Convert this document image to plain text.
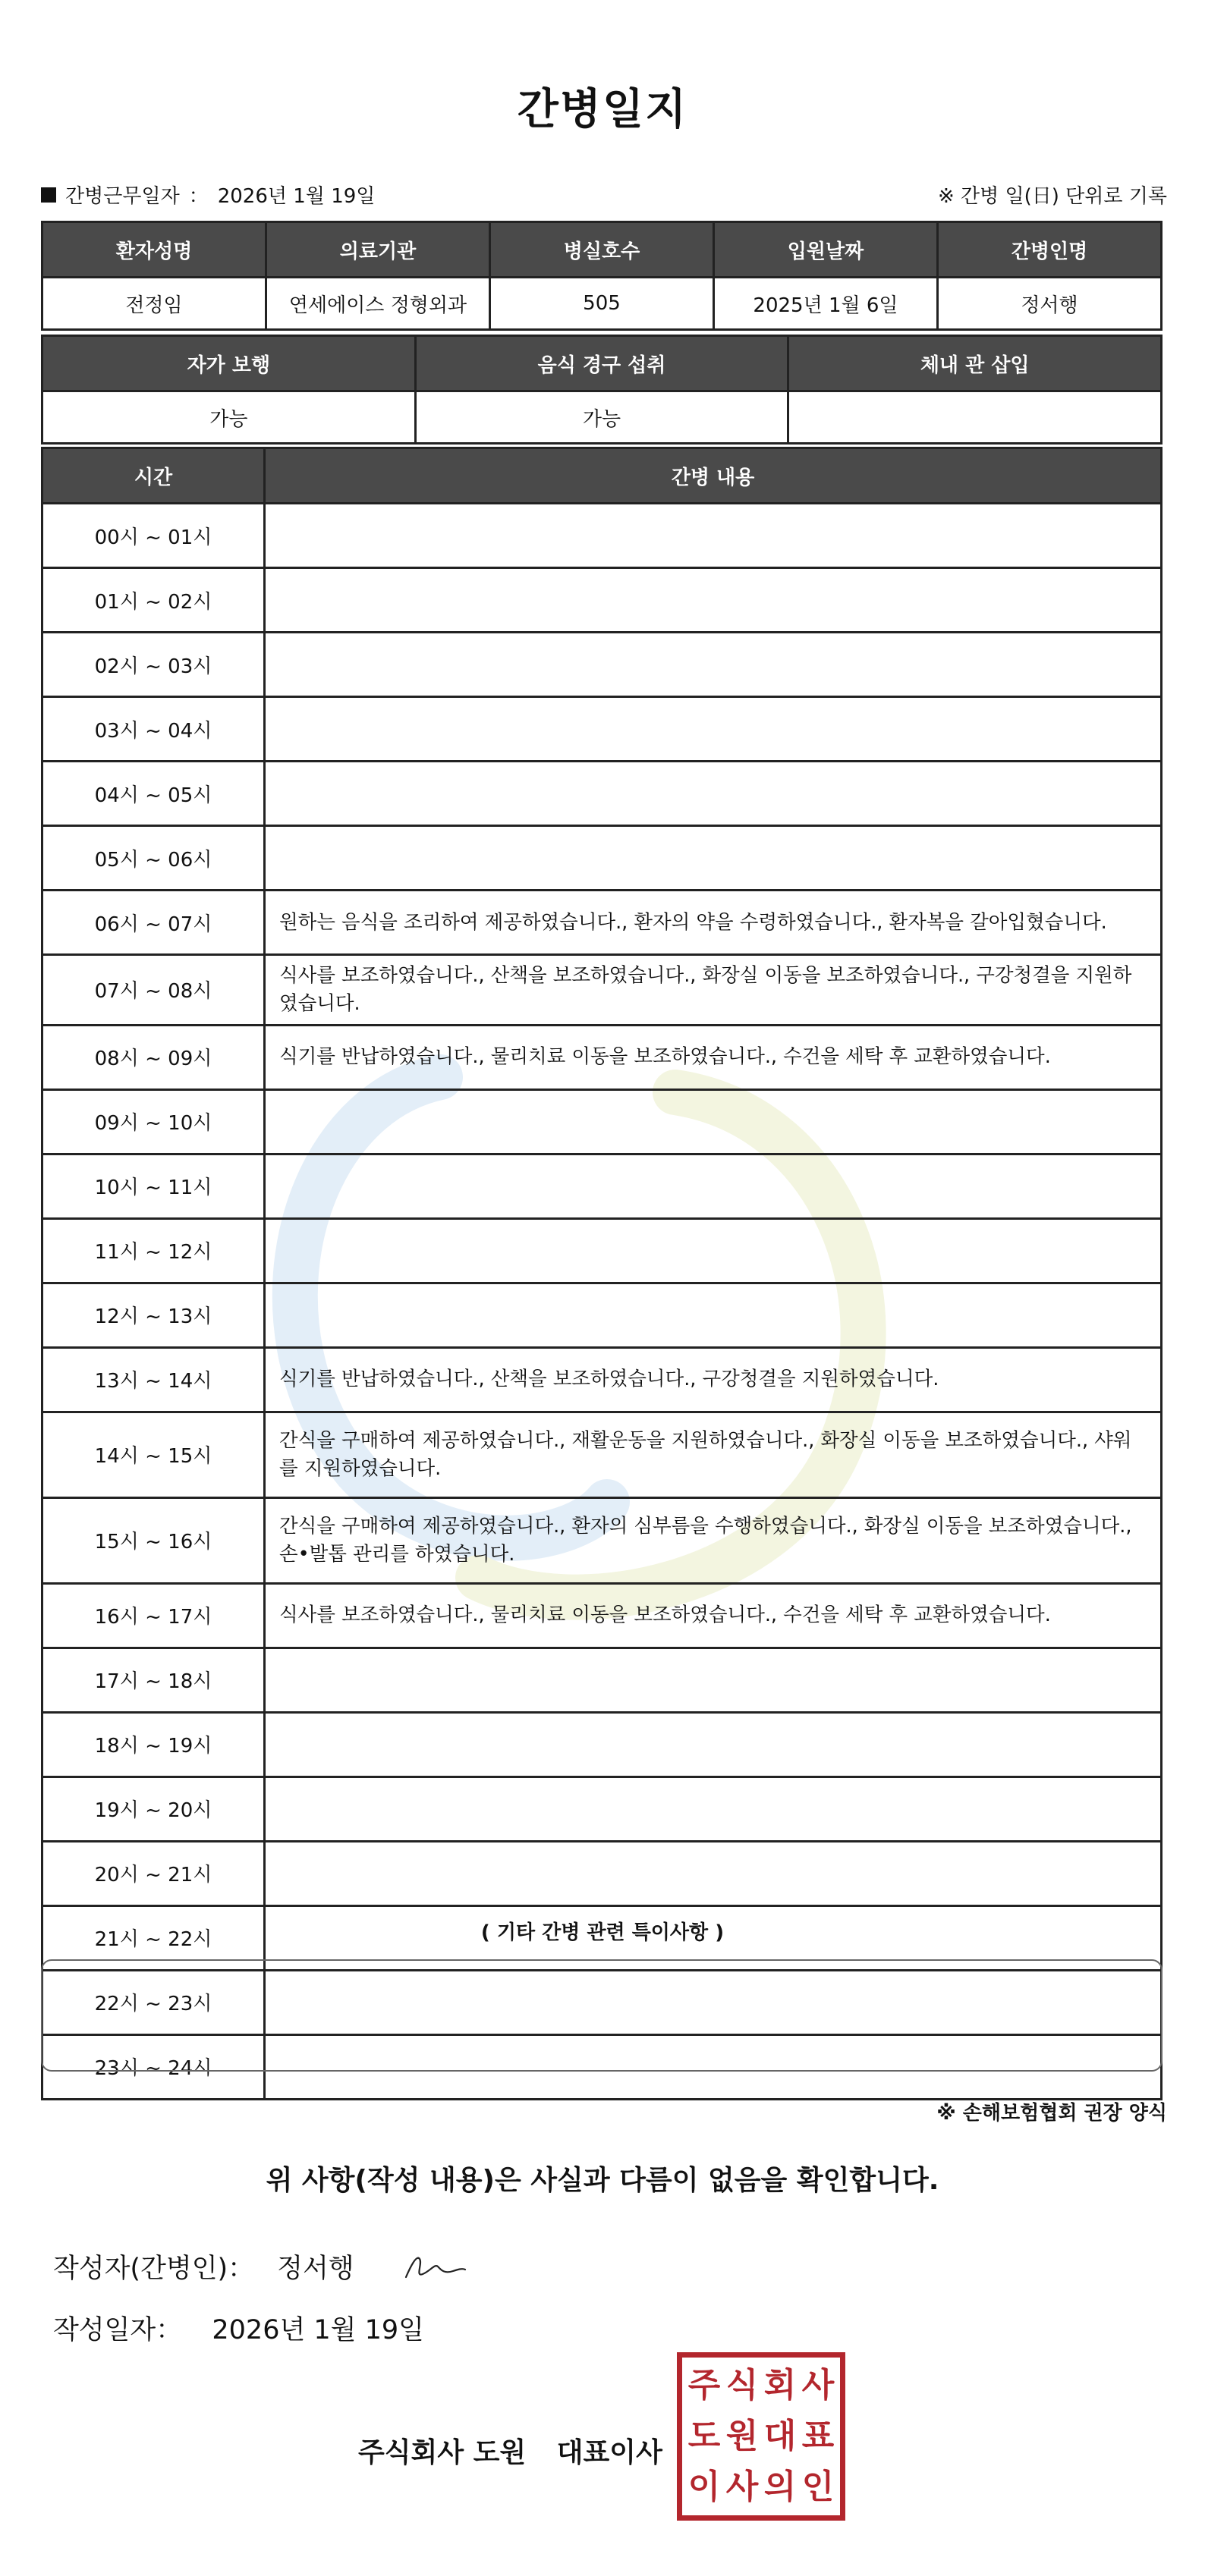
간병일지
간병근무일자 ： 2026년 1월 19일	※ 간병 일(日) 단위로 기록
환자성명	의료기관	병실호수	입원날짜	간병인명
전정임	연세에이스 정형외과	505	2025년 1월 6일	정서행
자가 보행	음식 경구 섭취	체내 관 삽입
가능	가능	
시간	간병 내용
00시 ~ 01시	
01시 ~ 02시	
02시 ~ 03시	
03시 ~ 04시	
04시 ~ 05시	
05시 ~ 06시	
06시 ~ 07시	원하는 음식을 조리하여 제공하였습니다., 환자의 약을 수령하였습니다., 환자복을 갈아입혔습니다.
07시 ~ 08시	식사를 보조하였습니다., 산책을 보조하였습니다., 화장실 이동을 보조하였습니다., 구강청결을 지원하였습니다.
08시 ~ 09시	식기를 반납하였습니다., 물리치료 이동을 보조하였습니다., 수건을 세탁 후 교환하였습니다.
09시 ~ 10시	
10시 ~ 11시	
11시 ~ 12시	
12시 ~ 13시	
13시 ~ 14시	식기를 반납하였습니다., 산책을 보조하였습니다., 구강청결을 지원하였습니다.
14시 ~ 15시	간식을 구매하여 제공하였습니다., 재활운동을 지원하였습니다., 화장실 이동을 보조하였습니다., 샤워를 지원하였습니다.
15시 ~ 16시	간식을 구매하여 제공하였습니다., 환자의 심부름을 수행하였습니다., 화장실 이동을 보조하였습니다., 손•발톱 관리를 하였습니다.
16시 ~ 17시	식사를 보조하였습니다., 물리치료 이동을 보조하였습니다., 수건을 세탁 후 교환하였습니다.
17시 ~ 18시	
18시 ~ 19시	
19시 ~ 20시	
20시 ~ 21시	
21시 ~ 22시	
22시 ~ 23시	
23시 ~ 24시	
( 기타 간병 관련 특이사항 )
※ 손해보험협회 권장 양식
위 사항(작성 내용)은 사실과 다름이 없음을 확인합니다.
작성자(간병인)： 정서행
작성일자： 2026년 1월 19일
주식회사 도원 대표이사
주 식 회 사
도 원 대 표
이 사 의 인
